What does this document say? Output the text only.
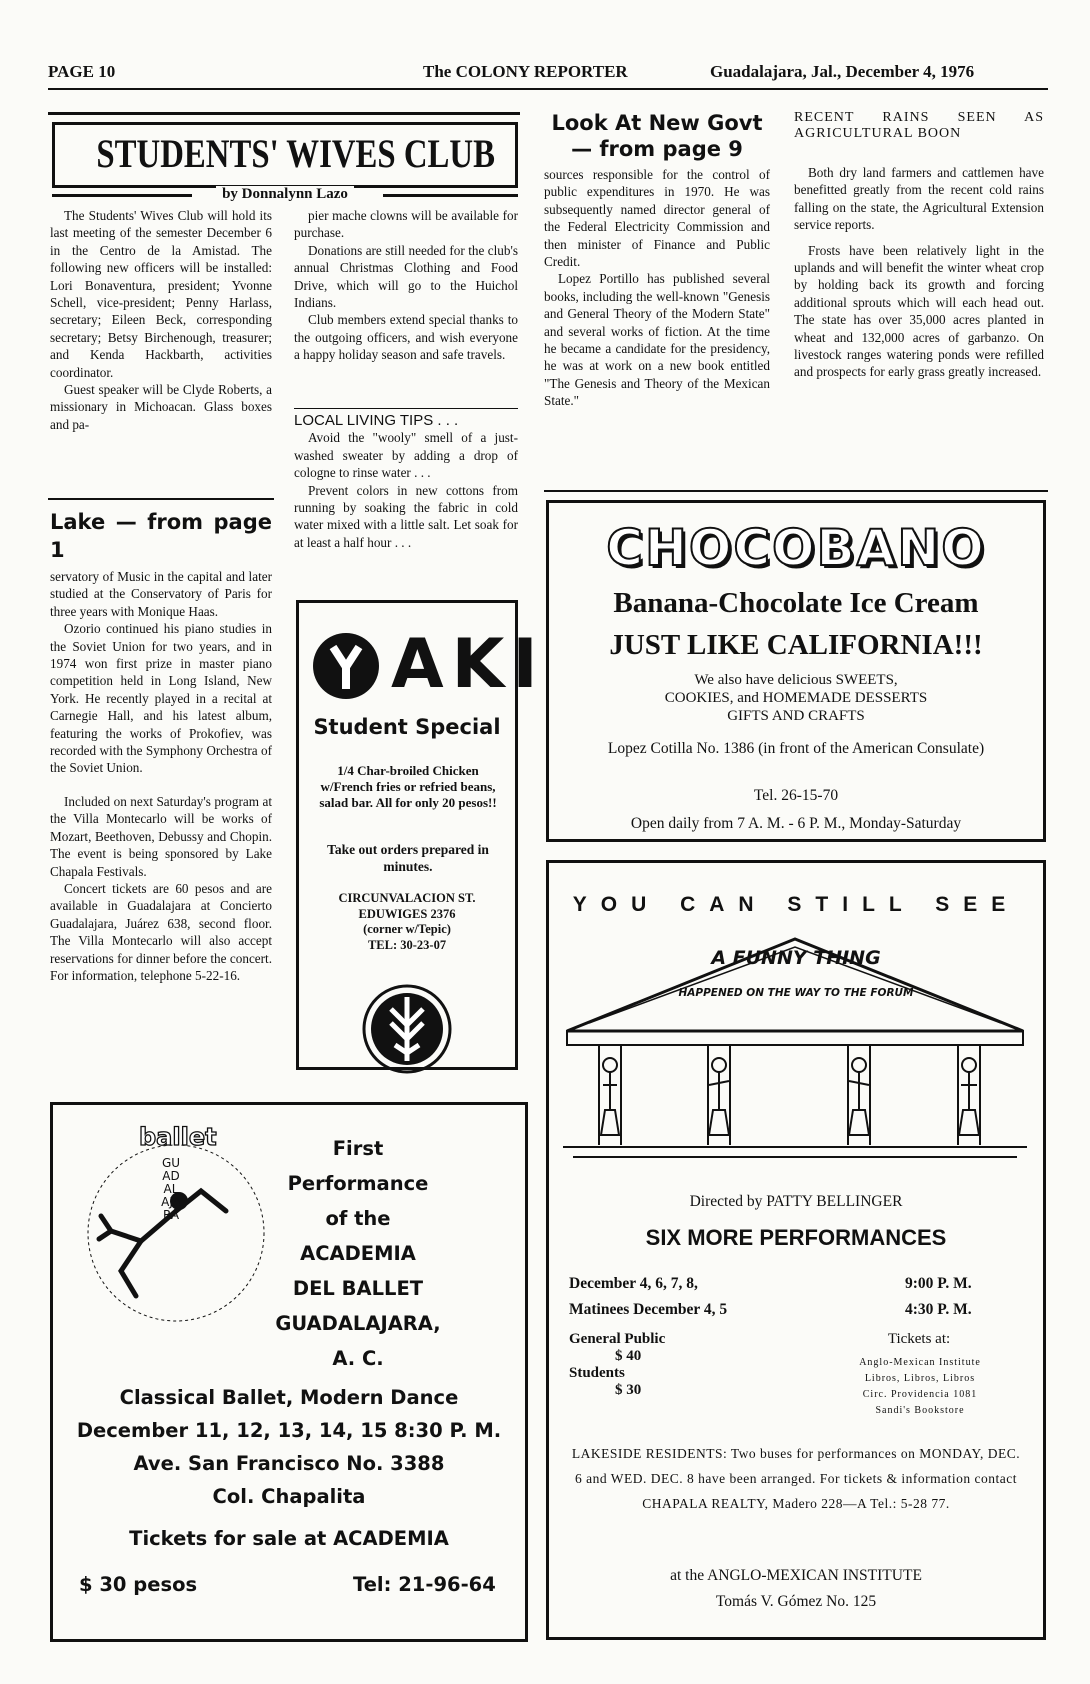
PAGE 10	The COLONY REPORTER	Guadalajara, Jal., December 4, 1976
STUDENTS' WIVES CLUB
by Donnalynn Lazo

The Students' Wives Club will hold its last meeting of the semester December 6 in the Centro de la Amistad. The following new officers will be installed: Lori Bonaventura, president; Yvonne Schell, vice-president; Penny Harlass, secretary; Eileen Beck, corresponding secretary; Betsy Birchenough, treasurer; and Kenda Hackbarth, activities coordinator.

Guest speaker will be Clyde Roberts, a missionary in Michoacan. Glass boxes and pa-

pier mache clowns will be available for purchase.

Donations are still needed for the club's annual Christmas Clothing and Food Drive, which will go to the Huichol Indians.

Club members extend special thanks to the outgoing officers, and wish everyone a happy holiday season and safe travels.

LOCAL LIVING TIPS . . .

Avoid the "wooly" smell of a just-washed sweater by adding a drop of cologne to rinse water . . .

Prevent colors in new cottons from running by soaking the fabric in cold water mixed with a little salt. Let soak for at least a half hour . . .

Lake — from page 1

servatory of Music in the capital and later studied at the Conservatory of Paris for three years with Monique Haas.

Ozorio continued his piano studies in the Soviet Union for two years, and in 1974 won first prize in master piano competition held in Long Island, New York. He recently played in a recital at Carnegie Hall, and his latest album, featuring the works of Prokofiev, was recorded with the Symphony Orchestra of the Soviet Union.

Included on next Saturday's program at the Villa Montecarlo will be works of Mozart, Beethoven, Debussy and Chopin. The event is being sponsored by Lake Chapala Festivals.

Concert tickets are 60 pesos and are available in Guadalajara at Concierto Guadalajara, Juárez 638, second floor. The Villa Montecarlo will also accept reservations for dinner before the concert. For information, telephone 5-22-16.

AKI
Student Special
1/4 Char-broiled Chicken w/French fries or refried beans, salad bar. All for only 20 pesos!!
Take out orders prepared in minutes.
CIRCUNVALACION ST.
EDUWIGES 2376
(corner w/Tepic)
TEL: 30-23-07
Look At New Govt
— from page 9

sources responsible for the control of public expenditures in 1970. He was subsequently named director general of the Federal Electricity Commission and then minister of Finance and Public Credit.

Lopez Portillo has published several books, including the well-known "Genesis and General Theory of the Modern State" and several works of fiction. At the time he became a candidate for the presidency, he was at work on a new book entitled "The Genesis and Theory of the Mexican State."

RECENT RAINS SEEN AS AGRICULTURAL BOON

Both dry land farmers and cattlemen have benefitted greatly from the recent cold rains falling on the state, the Agricultural Extension service reports.

Frosts have been relatively light in the uplands and will benefit the winter wheat crop by holding back its growth and forcing additional sprouts which will each head out. The state has over 35,000 acres planted in wheat and 132,000 acres of garbanzo. On livestock ranges watering ponds were refilled and prospects for early grass greatly increased.

CHOCOBANO
Banana-Chocolate Ice Cream
JUST LIKE CALIFORNIA!!!
We also have delicious SWEETS,
COOKIES, and HOMEMADE DESSERTS
GIFTS AND CRAFTS
Lopez Cotilla No. 1386 (in front of the American Consulate)
Tel. 26-15-70
Open daily from 7 A. M. - 6 P. M., Monday-Saturday
YOU CAN STILL SEE
A FUNNY THING
HAPPENED ON THE WAY TO THE FORUM
Directed by PATTY BELLINGER
SIX MORE PERFORMANCES
December 4, 6, 7, 8,	9:00 P. M.
Matinees December 4, 5	4:30 P. M.
General Public
$ 40
Students
$ 30
Tickets at:
Anglo-Mexican Institute
Libros, Libros, Libros
Circ. Providencia 1081
Sandi's Bookstore
LAKESIDE RESIDENTS: Two buses for performances on MONDAY, DEC. 6 and WED. DEC. 8 have been arranged. For tickets & information contact CHAPALA REALTY, Madero 228—A Tel.: 5-28 77.
at the ANGLO-MEXICAN INSTITUTE
Tomás V. Gómez No. 125
ballet
GUADALAJARA
First Performance
of the
ACADEMIA
DEL BALLET
GUADALAJARA,
A. C.
Classical Ballet, Modern Dance
December 11, 12, 13, 14, 15 8:30 P. M.
Ave. San Francisco No. 3388
Col. Chapalita
Tickets for sale at ACADEMIA
$ 30 pesos	Tel: 21-96-64
